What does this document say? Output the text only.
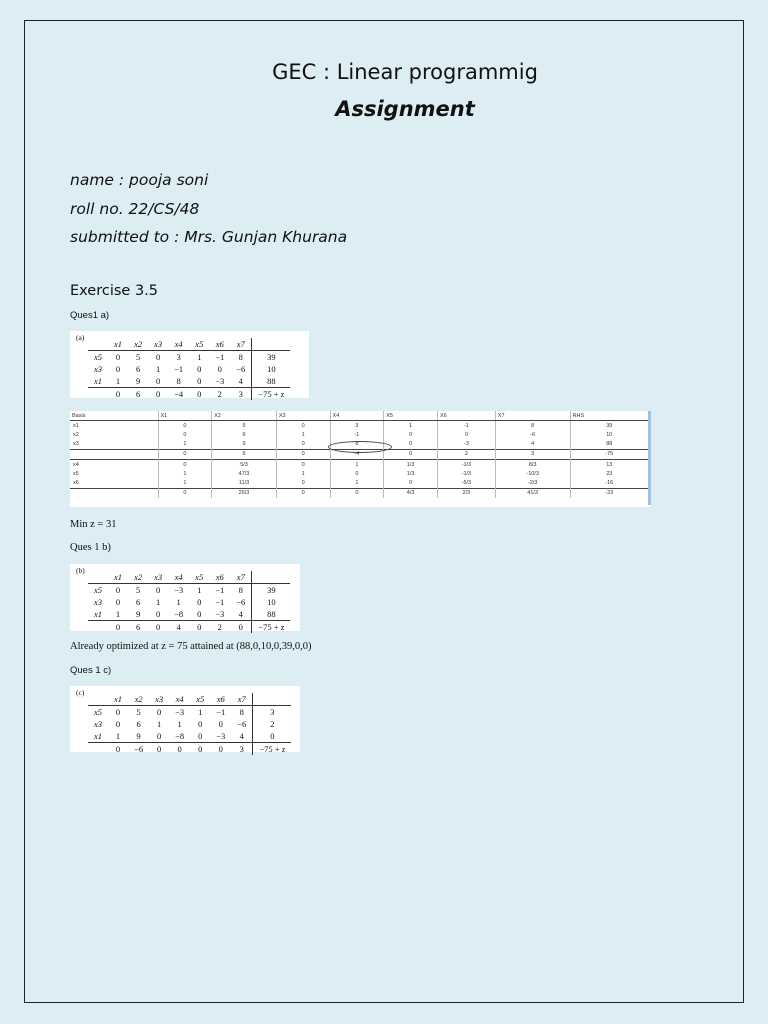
GEC : Linear programmig
Assignment
name : pooja soni
roll no. 22/CS/48
submitted to : Mrs. Gunjan Khurana
Exercise 3.5
Ques1 a)
(a)
	x1	x2	x3	x4	x5	x6	x7	
x5	0	5	0	3	1	−1	8	39
x3	0	6	1	−1	0	0	−6	10
x1	1	9	0	8	0	−3	4	88
	0	6	0	−4	0	2	3	−75 + z
Basis	X1	X2	X3	X4	X5	X6	X7	RHS
x1	0	5	0	3	1	-1	8	39
x2	0	6	1	-1	0	0	-6	10
x3	1	9	0	8	0	-3	4	88
	0	6	0	-4	0	2	3	-75
x4	0	5/3	0	1	1/3	-1/3	8/3	13
x5	1	47/3	1	0	1/3	-1/3	-10/3	23
x6	1	11/3	0	1	0	-5/3	-2/3	-16
	0	26/3	0	0	4/3	2/3	41/3	-23
Min z = 31
Ques 1 b)
(b)
	x1	x2	x3	x4	x5	x6	x7	
x5	0	5	0	−3	1	−1	8	39
x3	0	6	1	1	0	−1	−6	10
x1	1	9	0	−8	0	−3	4	88
	0	6	0	4	0	2	0	−75 + z
Already optimized at z = 75 attained at (88,0,10,0,39,0,0)
Ques 1 c)
(c)
	x1	x2	x3	x4	x5	x6	x7	
x5	0	5	0	−3	1	−1	8	3
x3	0	6	1	1	0	0	−6	2
x1	1	9	0	−8	0	−3	4	0
	0	−6	0	0	0	0	3	−75 + z
